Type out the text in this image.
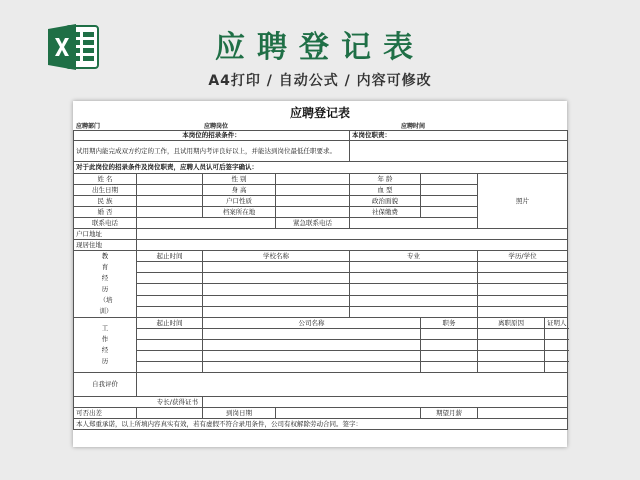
应聘登记表
A4打印 / 自动公式 / 内容可修改
应聘登记表
应聘部门	应聘岗位	应聘时间
本岗位的招录条件：				本岗位职责：			
试用期内能完成双方约定的工作，且试用期内考评良好以上，并能达到岗位最低任职要求。							
对于此岗位的招录条件及岗位职责，应聘人员认可后签字确认：							
姓 名		性 别		年 龄		照片	
出生日期		身 高		血 型			
民 族		户口性质		政治面貌			
婚 否		档案所在地		社保缴费			
联系电话			紧急联系电话				
户口地址							
现居住地							

教育经历（培训）	起止时间	学校名称		专业		学历/学位	

工作经历	起止时间	公司名称			职务	离职原因	证明人

自我评价							
专长/获得证书							
可否出差		到岗日期			期望月薪		
本人郑重承诺，以上所填内容真实有效，若有虚假不符合录用条件，公司有权解除劳动合同。签字：							
